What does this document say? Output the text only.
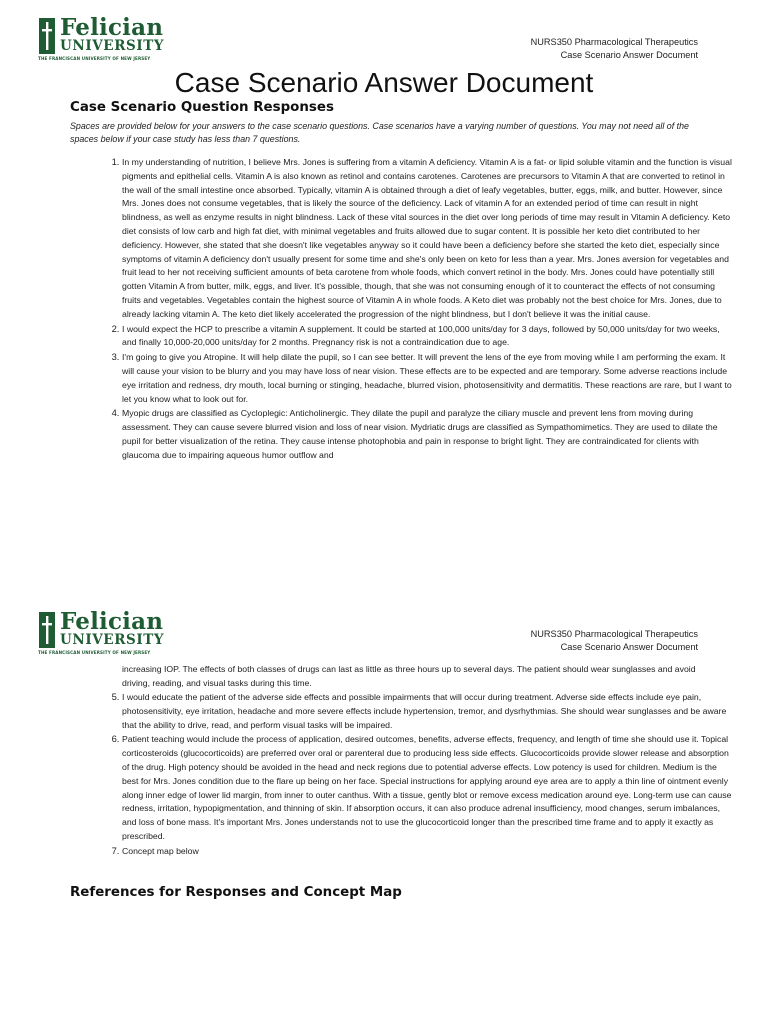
Felician
UNIVERSITY
THE FRANCISCAN UNIVERSITY OF NEW JERSEY
NURS350 Pharmacological Therapeutics
Case Scenario Answer Document
Case Scenario Answer Document
Case Scenario Question Responses
Spaces are provided below for your answers to the case scenario questions. Case scenarios have a varying number of questions. You may not need all of the spaces below if your case study has less than 7 questions.
1. In my understanding of nutrition, I believe Mrs. Jones is suffering from a vitamin A deficiency. Vitamin A is a fat- or lipid soluble vitamin and the function is visual pigments and epithelial cells. Vitamin A is also known as retinol and contains carotenes. Carotenes are precursors to Vitamin A that are converted to retinol in the wall of the small intestine once absorbed. Typically, vitamin A is obtained through a diet of leafy vegetables, butter, eggs, milk, and butter. However, since Mrs. Jones does not consume vegetables, that is likely the source of the deficiency. Lack of vitamin A for an extended period of time can result in night blindness, as well as enzyme results in night blindness. Lack of these vital sources in the diet over long periods of time may result in Vitamin A deficiency. Keto diet consists of low carb and high fat diet, with minimal vegetables and fruits allowed due to sugar content. It is possible her keto diet contributed to her deficiency. However, she stated that she doesn't like vegetables anyway so it could have been a deficiency before she started the keto diet, especially since symptoms of vitamin A deficiency don't usually present for some time and she's only been on keto for less than a year. Mrs. Jones aversion for vegetables and fruit lead to her not receiving sufficient amounts of beta carotene from whole foods, which convert retinol in the body. Mrs. Jones could have potentially still gotten Vitamin A from butter, milk, eggs, and liver. It's possible, though, that she was not consuming enough of it to counteract the effects of not consuming fruits and vegetables. Vegetables contain the highest source of Vitamin A in whole foods. A Keto diet was probably not the best choice for Mrs. Jones, due to already lacking vitamin A. The keto diet likely accelerated the progression of the night blindness, but I don't believe it was the initial cause.
2. I would expect the HCP to prescribe a vitamin A supplement. It could be started at 100,000 units/day for 3 days, followed by 50,000 units/day for two weeks, and finally 10,000-20,000 units/day for 2 months. Pregnancy risk is not a contraindication due to age.
3. I'm going to give you Atropine. It will help dilate the pupil, so I can see better. It will prevent the lens of the eye from moving while I am performing the exam. It will cause your vision to be blurry and you may have loss of near vision. These effects are to be expected and are temporary. Some adverse reactions include eye irritation and redness, dry mouth, local burning or stinging, headache, blurred vision, photosensitivity and dermatitis. These reactions are rare, but I want to let you know what to look out for.
4. Myopic drugs are classified as Cycloplegic: Anticholinergic. They dilate the pupil and paralyze the ciliary muscle and prevent lens from moving during assessment. They can cause severe blurred vision and loss of near vision. Mydriatic drugs are classified as Sympathomimetics. They are used to dilate the pupil for better visualization of the retina. They cause intense photophobia and pain in response to bright light. They are contraindicated for clients with glaucoma due to impairing aqueous humor outflow and
Felician
UNIVERSITY
THE FRANCISCAN UNIVERSITY OF NEW JERSEY
NURS350 Pharmacological Therapeutics
Case Scenario Answer Document

increasing IOP. The effects of both classes of drugs can last as little as three hours up to several days. The patient should wear sunglasses and avoid driving, reading, and visual tasks during this time.

5. I would educate the patient of the adverse side effects and possible impairments that will occur during treatment. Adverse side effects include eye pain, photosensitivity, eye irritation, headache and more severe effects include hypertension, tremor, and dysrhythmias. She should wear sunglasses and be aware that the ability to drive, read, and perform visual tasks will be impaired.
6. Patient teaching would include the process of application, desired outcomes, benefits, adverse effects, frequency, and length of time she should use it. Topical corticosteroids (glucocorticoids) are preferred over oral or parenteral due to producing less side effects. Glucocorticoids provide slower release and absorption of the drug. High potency should be avoided in the head and neck regions due to potential adverse effects. Low potency is used for children. Medium is the best for Mrs. Jones condition due to the flare up being on her face. Special instructions for applying around eye area are to apply a thin line of ointment evenly along inner edge of lower lid margin, from inner to outer canthus. With a tissue, gently blot or remove excess medication around eye. Long-term use can cause redness, irritation, hypopigmentation, and thinning of skin. If absorption occurs, it can also produce adrenal insufficiency, mood changes, serum imbalances, and loss of bone mass. It's important Mrs. Jones understands not to use the glucocorticoid longer than the prescribed time frame and to apply it exactly as prescribed.
7. Concept map below
References for Responses and Concept Map
